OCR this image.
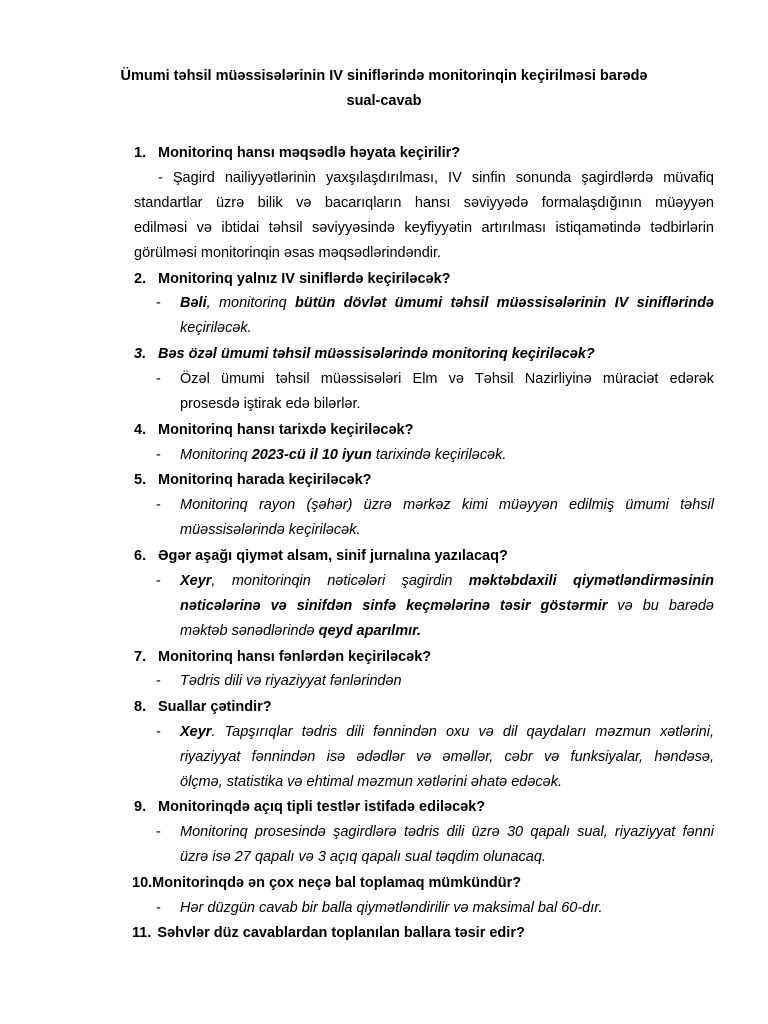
Ümumi təhsil müəssisələrinin IV siniflərində monitorinqin keçirilməsi barədə
sual-cavab
1. Monitorinq hansı məqsədlə həyata keçirilir?
- Şagird nailiyyətlərinin yaxşılaşdırılması, IV sinfin sonunda şagirdlərdə müvafiq
standartlar üzrə bilik və bacarıqların hansı səviyyədə formalaşdığının müəyyən
edilməsi və ibtidai təhsil səviyyəsində keyfiyyətin artırılması istiqamətində tədbirlərin
görülməsi monitorinqin əsas məqsədlərindəndir.
2. Monitorinq yalnız IV siniflərdə keçiriləcək?
- Bəli, monitorinq bütün dövlət ümumi təhsil müəssisələrinin IV siniflərində
keçiriləcək.
3. Bəs özəl ümumi təhsil müəssisələrində monitorinq keçiriləcək?
- Özəl ümumi təhsil müəssisələri Elm və Təhsil Nazirliyinə müraciət edərək
prosesdə iştirak edə bilərlər.
4. Monitorinq hansı tarixdə keçiriləcək?
- Monitorinq 2023-cü il 10 iyun tarixində keçiriləcək.
5. Monitorinq harada keçiriləcək?
- Monitorinq rayon (şəhər) üzrə mərkəz kimi müəyyən edilmiş ümumi təhsil
müəssisələrində keçiriləcək.
6. Əgər aşağı qiymət alsam, sinif jurnalına yazılacaq?
- Xeyr, monitorinqin nəticələri şagirdin məktəbdaxili qiymətləndirməsinin
nəticələrinə və sinifdən sinfə keçmələrinə təsir göstərmir və bu barədə
məktəb sənədlərində qeyd aparılmır.
7. Monitorinq hansı fənlərdən keçiriləcək?
- Tədris dili və riyaziyyat fənlərindən
8. Suallar çətindir?
- Xeyr. Tapşırıqlar tədris dili fənnindən oxu və dil qaydaları məzmun xətlərini,
riyaziyyat fənnindən isə ədədlər və əməllər, cəbr və funksiyalar, həndəsə,
ölçmə, statistika və ehtimal məzmun xətlərini əhatə edəcək.
9. Monitorinqdə açıq tipli testlər istifadə ediləcək?
- Monitorinq prosesində şagirdlərə tədris dili üzrə 30 qapalı sual, riyaziyyat fənni
üzrə isə 27 qapalı və 3 açıq qapalı sual təqdim olunacaq.
10.Monitorinqdə ən çox neçə bal toplamaq mümkündür?
- Hər düzgün cavab bir balla qiymətləndirilir və maksimal bal 60-dır.
11. Səhvlər düz cavablardan toplanılan ballara təsir edir?
